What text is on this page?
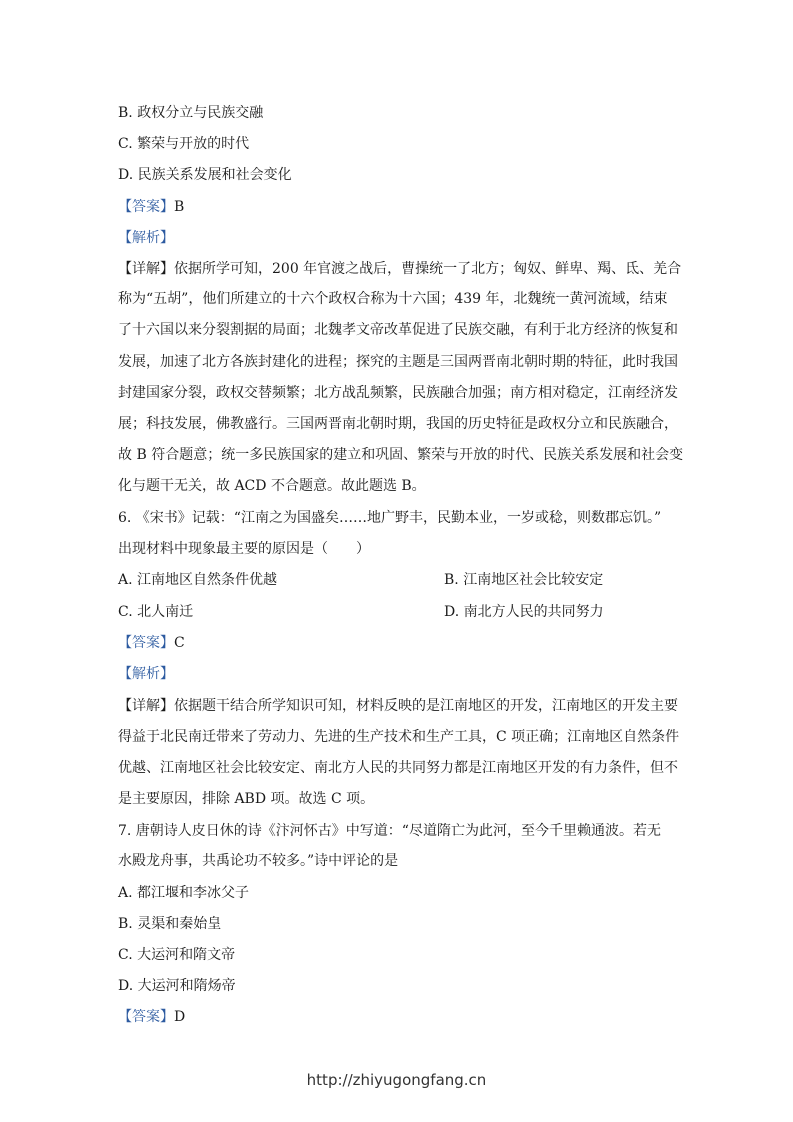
B. 政权分立与民族交融
C. 繁荣与开放的时代
D. 民族关系发展和社会变化
【答案】B
【解析】
【详解】依据所学可知，200 年官渡之战后，曹操统一了北方；匈奴、鲜卑、羯、氐、羌合
称为“五胡”，他们所建立的十六个政权合称为十六国；439 年，北魏统一黄河流域，结束
了十六国以来分裂割据的局面；北魏孝文帝改革促进了民族交融，有利于北方经济的恢复和
发展，加速了北方各族封建化的进程；探究的主题是三国两晋南北朝时期的特征，此时我国
封建国家分裂，政权交替频繁；北方战乱频繁，民族融合加强；南方相对稳定，江南经济发
展；科技发展，佛教盛行。三国两晋南北朝时期，我国的历史特征是政权分立和民族融合，
故 B 符合题意；统一多民族国家的建立和巩固、繁荣与开放的时代、民族关系发展和社会变
化与题干无关，故 ACD 不合题意。故此题选 B。
6. 《宋书》记载：“江南之为国盛矣……地广野丰，民勤本业，一岁或稔，则数郡忘饥。”
出现材料中现象最主要的原因是（　　）
A. 江南地区自然条件优越	B. 江南地区社会比较安定
C. 北人南迁	D. 南北方人民的共同努力
【答案】C
【解析】
【详解】依据题干结合所学知识可知，材料反映的是江南地区的开发，江南地区的开发主要
得益于北民南迁带来了劳动力、先进的生产技术和生产工具，C 项正确；江南地区自然条件
优越、江南地区社会比较安定、南北方人民的共同努力都是江南地区开发的有力条件，但不
是主要原因，排除 ABD 项。故选 C 项。
7. 唐朝诗人皮日休的诗《汴河怀古》中写道：“尽道隋亡为此河，至今千里赖通波。若无
水殿龙舟事，共禹论功不较多。”诗中评论的是
A. 都江堰和李冰父子
B. 灵渠和秦始皇
C. 大运河和隋文帝
D. 大运河和隋炀帝
【答案】D
http://zhiyugongfang.cn
